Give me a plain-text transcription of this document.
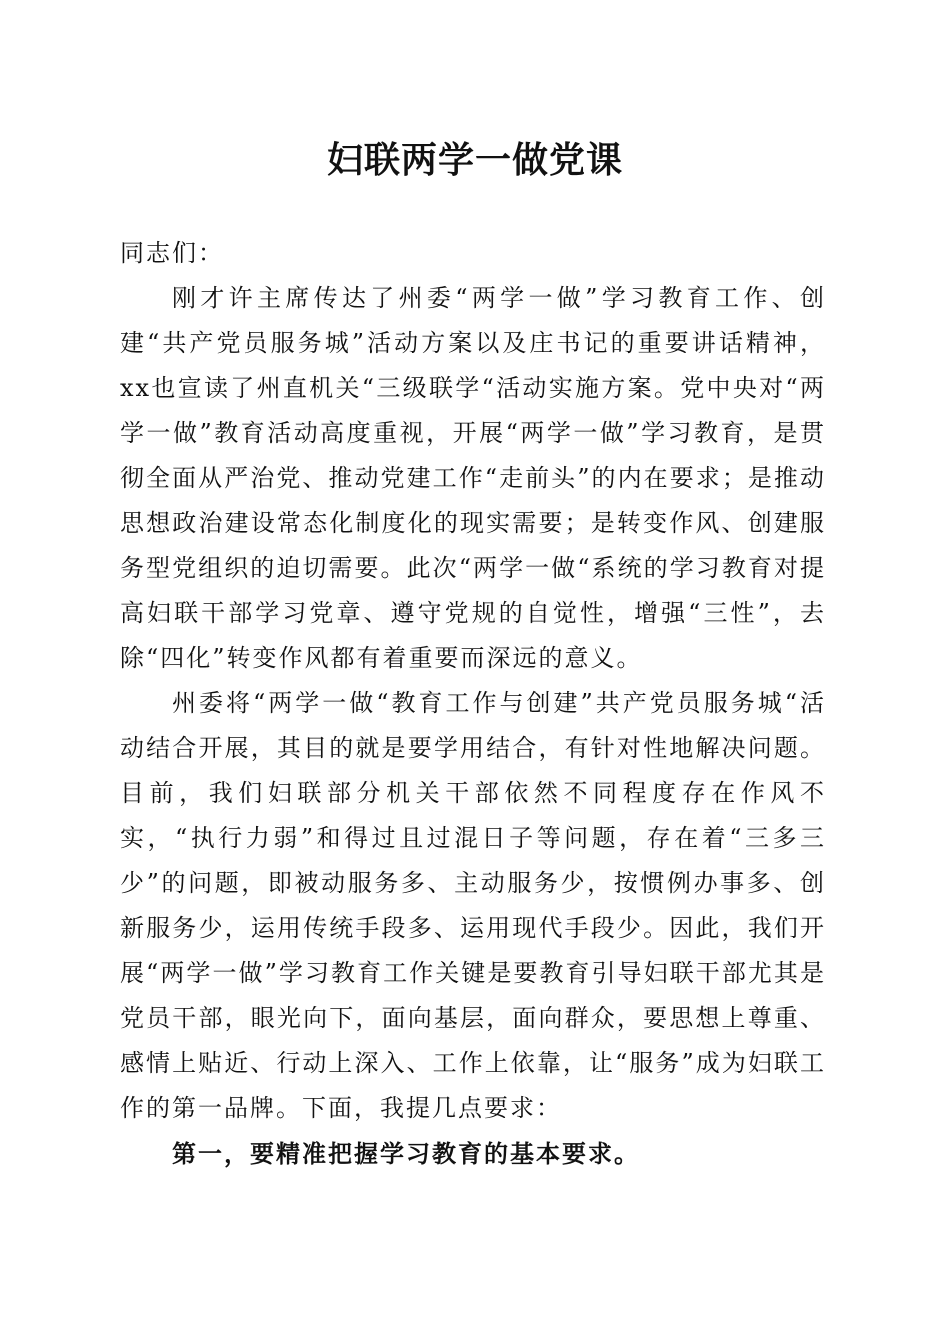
妇联两学一做党课

同志们：

刚才许主席传达了州委“两学一做”学习教育工作、创建“共产党员服务城”活动方案以及庄书记的重要讲话精神，xx也宣读了州直机关“三级联学“活动实施方案。党中央对“两学一做”教育活动高度重视，开展“两学一做”学习教育，是贯彻全面从严治党、推动党建工作“走前头”的内在要求；是推动思想政治建设常态化制度化的现实需要；是转变作风、创建服务型党组织的迫切需要。此次“两学一做“系统的学习教育对提高妇联干部学习党章、遵守党规的自觉性，增强“三性”，去除“四化”转变作风都有着重要而深远的意义。

州委将“两学一做“教育工作与创建”共产党员服务城“活动结合开展，其目的就是要学用结合，有针对性地解决问题。目前，我们妇联部分机关干部依然不同程度存在作风不实，“执行力弱”和得过且过混日子等问题，存在着“三多三少”的问题，即被动服务多、主动服务少，按惯例办事多、创新服务少，运用传统手段多、运用现代手段少。因此，我们开展“两学一做”学习教育工作关键是要教育引导妇联干部尤其是党员干部，眼光向下，面向基层，面向群众，要思想上尊重、感情上贴近、行动上深入、工作上依靠，让“服务”成为妇联工作的第一品牌。下面，我提几点要求：

第一，要精准把握学习教育的基本要求。
